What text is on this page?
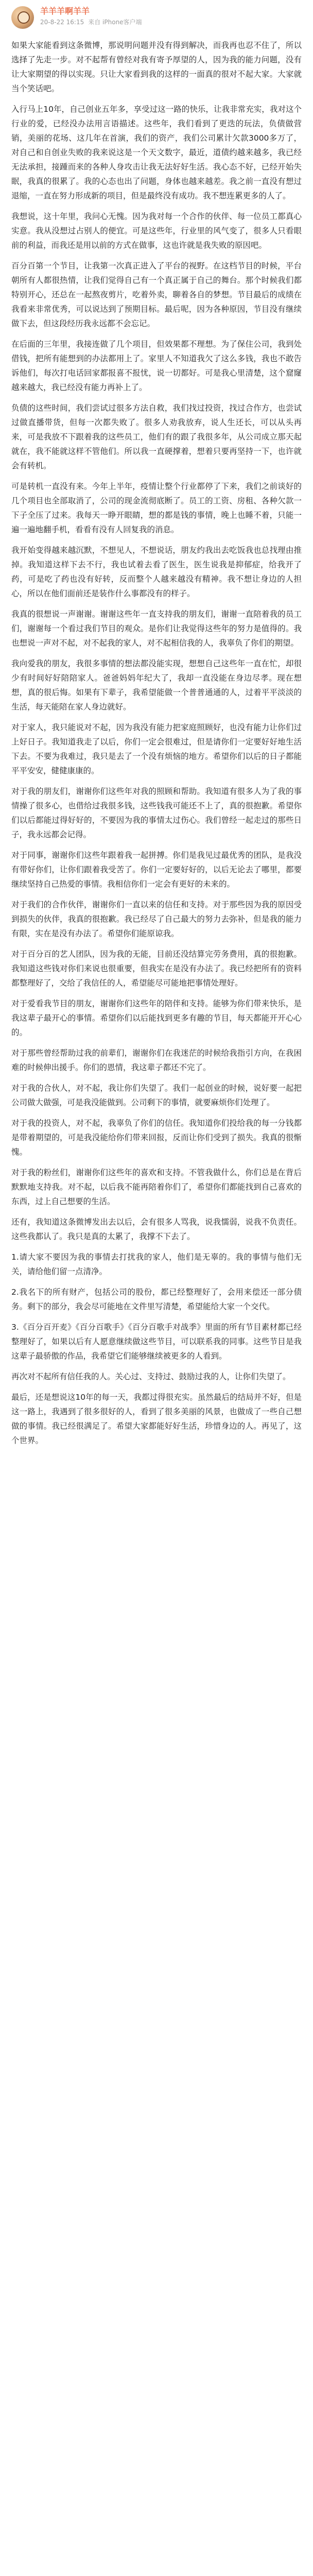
羊羊羊啊羊羊
20-8-22 16:15 来自 iPhone客户端

如果大家能看到这条微博，那说明问题并没有得到解决，而我再也忍不住了，所以选择了先走一步。对不起帮有曾经对我有寄予厚望的人，因为我的能力问题，没有让大家期望的得以实现。只让大家看到我的这样的一面真的很对不起大家。大家就当个笑话吧。

入行马上10年，自己创业五年多，享受过这一路的快乐，让我非常充实，我对这个行业的爱，已经没办法用言语描述。这些年，我们看到了更迭的玩法，负债做营销，美丽的花场、这几年在首演，我们的资产，我们公司累计欠款3000多万了，对自己和自创业失败的我来说这是一个天文数字，最近，道债约越来越多，我已经无法承担，接踵而来的各种人身攻击让我无法好好生活。我心态不好，已经开始失眠，我真的很累了。我的心态也出了问题，身体也越来越差。我之前一直没有想过退缩，一直在努力形成新的项目，但是最终没有成功。我不想连累更多的人了。

我想说，这十年里，我问心无愧。因为我对每一个合作的伙伴、每一位员工都真心实意。我从没想过占别人的便宜。可是这些年，行业里的风气变了，很多人只看眼前的利益，而我还是用以前的方式在做事，这也许就是我失败的原因吧。

百分百第一个节目，让我第一次真正进入了平台的视野。在这档节目的时候，平台朝所有人都很热情，让我们觉得自己有一个真正属于自己的舞台。那个时候我们都特别开心，还总在一起熬夜剪片，吃着外卖，聊着各自的梦想。节目最后的成绩在我看来非常优秀，可以说达到了预期目标。最后呢，因为各种原因，节目没有继续做下去，但这段经历我永远都不会忘记。

在后面的三年里，我接连做了几个项目，但效果都不理想。为了保住公司，我到处借钱，把所有能想到的办法都用上了。家里人不知道我欠了这么多钱，我也不敢告诉他们，每次打电话回家都报喜不报忧，说一切都好。可是我心里清楚，这个窟窿越来越大，我已经没有能力再补上了。

负债的这些时间，我们尝试过很多方法自救，我们找过投资，找过合作方，也尝试过做直播带货，但每一次都失败了。很多人劝我放弃，说人生还长，可以从头再来，可是我放不下跟着我的这些员工，他们有的跟了我很多年，从公司成立那天起就在，我不能就这样不管他们。所以我一直硬撑着，想着只要再坚持一下，也许就会有转机。

可是转机一直没有来。今年上半年，疫情让整个行业都停了下来，我们之前谈好的几个项目也全部取消了，公司的现金流彻底断了。员工的工资、房租、各种欠款一下子全压了过来。我每天一睁开眼睛，想的都是钱的事情，晚上也睡不着，只能一遍一遍地翻手机，看看有没有人回复我的消息。

我开始变得越来越沉默，不想见人，不想说话，朋友约我出去吃饭我也总找理由推掉。我知道这样下去不行，我也试着去看了医生，医生说我是抑郁症，给我开了药，可是吃了药也没有好转，反而整个人越来越没有精神。我不想让身边的人担心，所以在他们面前还是装作什么事都没有的样子。

我真的很想说一声谢谢。谢谢这些年一直支持我的朋友们，谢谢一直陪着我的员工们，谢谢每一个看过我们节目的观众。是你们让我觉得这些年的努力是值得的。我也想说一声对不起，对不起我的家人，对不起相信我的人，我辜负了你们的期望。

我向爱我的朋友，我很多事情的想法都没能实现，想想自己这些年一直在忙，却很少有时间好好陪陪家人。爸爸妈妈年纪大了，我却一直没能在身边尽孝。现在想想，真的很后悔。如果有下辈子，我希望能做一个普普通通的人，过着平平淡淡的生活，每天能陪在家人身边就好。

对于家人，我只能说对不起，因为我没有能力把家庭照顾好，也没有能力让你们过上好日子。我知道我走了以后，你们一定会很难过，但是请你们一定要好好地生活下去。不要为我难过，我只是去了一个没有烦恼的地方。希望你们以后的日子都能平平安安，健健康康的。

对于我的朋友们，谢谢你们这些年对我的照顾和帮助。我知道有很多人为了我的事情操了很多心，也借给过我很多钱，这些钱我可能还不上了，真的很抱歉。希望你们以后都能过得好好的，不要因为我的事情太过伤心。我们曾经一起走过的那些日子，我永远都会记得。

对于同事，谢谢你们这些年跟着我一起拼搏。你们是我见过最优秀的团队，是我没有带好你们，让你们跟着我受苦了。你们一定要好好的，以后无论去了哪里，都要继续坚持自己热爱的事情。我相信你们一定会有更好的未来的。

对于我们的合作伙伴，谢谢你们一直以来的信任和支持。对于那些因为我的原因受到损失的伙伴，我真的很抱歉。我已经尽了自己最大的努力去弥补，但是我的能力有限，实在是没有办法了。希望你们能原谅我。

对于百分百的艺人团队，因为我的无能，目前还没结算完劳务费用，真的很抱歉。我知道这些钱对你们来说也很重要，但我实在是没有办法了。我已经把所有的资料都整理好了，交给了我信任的人，希望能尽可能地把事情处理好。

对于爱看我节目的朋友，谢谢你们这些年的陪伴和支持。能够为你们带来快乐，是我这辈子最开心的事情。希望你们以后能找到更多有趣的节目，每天都能开开心心的。

对于那些曾经帮助过我的前辈们，谢谢你们在我迷茫的时候给我指引方向，在我困难的时候伸出援手。你们的恩情，我这辈子都还不完了。

对于我的合伙人，对不起，我让你们失望了。我们一起创业的时候，说好要一起把公司做大做强，可是我没能做到。公司剩下的事情，就要麻烦你们处理了。

对于我的投资人，对不起，我辜负了你们的信任。我知道你们投给我的每一分钱都是带着期望的，可是我没能给你们带来回报，反而让你们受到了损失。我真的很惭愧。

对于我的粉丝们，谢谢你们这些年的喜欢和支持。不管我做什么，你们总是在背后默默地支持我。对不起，以后我不能再陪着你们了，希望你们都能找到自己喜欢的东西，过上自己想要的生活。

还有，我知道这条微博发出去以后，会有很多人骂我，说我懦弱，说我不负责任。这些我都认了。我只是真的太累了，我撑不下去了。

1.请大家不要因为我的事情去打扰我的家人，他们是无辜的。我的事情与他们无关，请给他们留一点清净。

2.我名下的所有财产，包括公司的股份，都已经整理好了，会用来偿还一部分债务。剩下的部分，我会尽可能地在文件里写清楚，希望能给大家一个交代。

3.《百分百开麦》《百分百歌手》《百分百歌手对战季》里面的所有节目素材都已经整理好了，如果以后有人愿意继续做这些节目，可以联系我的同事。这些节目是我这辈子最骄傲的作品，我希望它们能够继续被更多的人看到。

再次对不起所有信任我的人。关心过、支持过、鼓励过我的人，让你们失望了。

最后，还是想说这10年的每一天，我都过得很充实。虽然最后的结局并不好，但是这一路上，我遇到了很多很好的人，看到了很多美丽的风景，也做成了一些自己想做的事情。我已经很满足了。希望大家都能好好生活，珍惜身边的人。再见了，这个世界。
